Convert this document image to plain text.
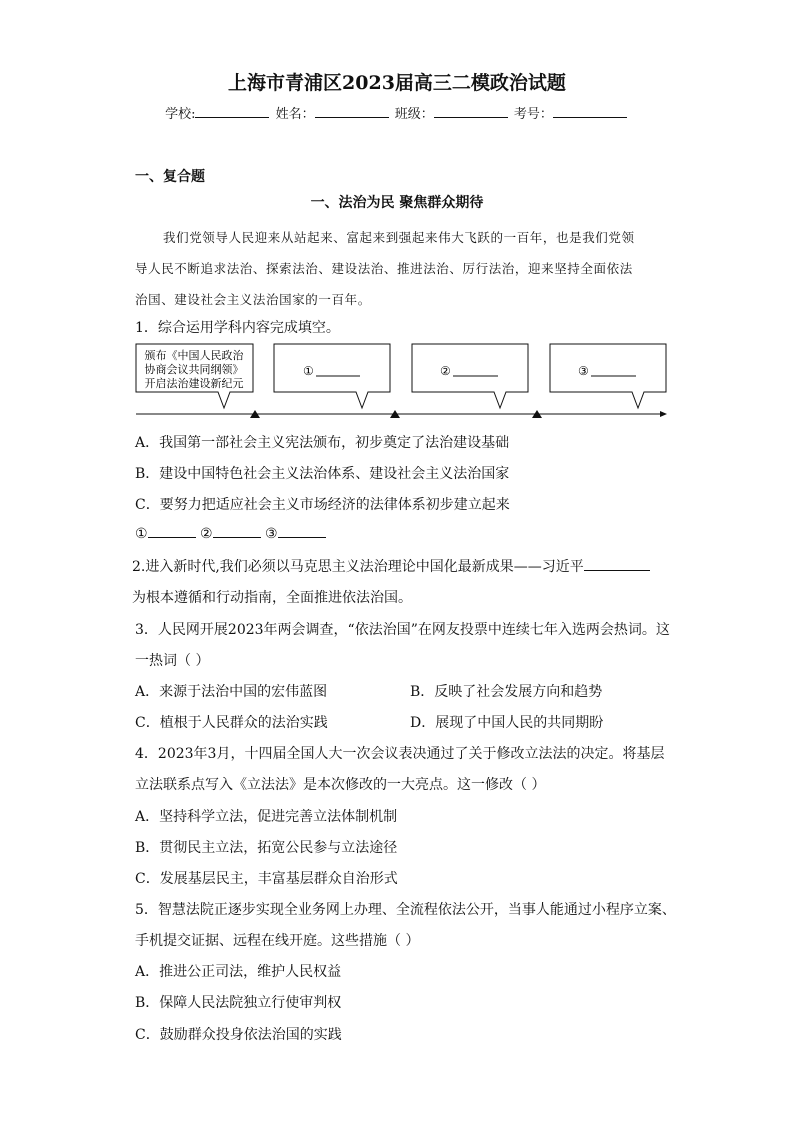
上海市青浦区2023届高三二模政治试题
学校:	姓名：	班级：	考号：
一、复合题
一、法治为民 聚焦群众期待
我们党领导人民迎来从站起来、富起来到强起来伟大飞跃的一百年，也是我们党领
导人民不断追求法治、探索法治、建设法治、推进法治、厉行法治，迎来坚持全面依法
治国、建设社会主义法治国家的一百年。
1．综合运用学科内容完成填空。
颁布《中国人民政治
协商会议共同纲领》
开启法治建设新纪元
①	②	③
A．我国第一部社会主义宪法颁布，初步奠定了法治建设基础
B．建设中国特色社会主义法治体系、建设社会主义法治国家
C．要努力把适应社会主义市场经济的法律体系初步建立起来
①	②	③
2.进入新时代,我们必须以马克思主义法治理论中国化最新成果——习近平
为根本遵循和行动指南，全面推进依法治国。
3．人民网开展2023年两会调查，“依法治国”在网友投票中连续七年入选两会热词。这
一热词（ ）
A．来源于法治中国的宏伟蓝图	B．反映了社会发展方向和趋势
C．植根于人民群众的法治实践	D．展现了中国人民的共同期盼
4．2023年3月，十四届全国人大一次会议表决通过了关于修改立法法的决定。将基层
立法联系点写入《立法法》是本次修改的一大亮点。这一修改（ ）
A．坚持科学立法，促进完善立法体制机制
B．贯彻民主立法，拓宽公民参与立法途径
C．发展基层民主，丰富基层群众自治形式
5．智慧法院正逐步实现全业务网上办理、全流程依法公开，当事人能通过小程序立案、
手机提交证据、远程在线开庭。这些措施（ ）
A．推进公正司法，维护人民权益
B．保障人民法院独立行使审判权
C．鼓励群众投身依法治国的实践
